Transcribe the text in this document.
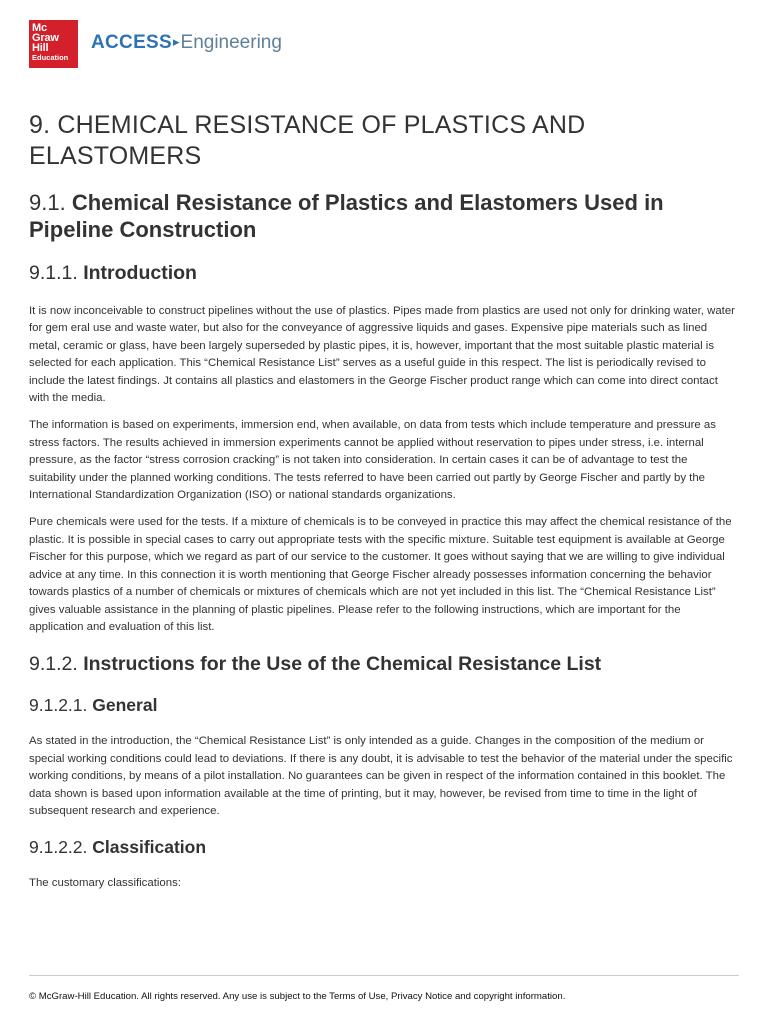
Mc
Graw
Hill
Education
ACCESS▸Engineering
9. CHEMICAL RESISTANCE OF PLASTICS AND ELASTOMERS
9.1. Chemical Resistance of Plastics and Elastomers Used in Pipeline Construction
9.1.1. Introduction

It is now inconceivable to construct pipelines without the use of plastics. Pipes made from plastics are used not only for drinking water, water for gem eral use and waste water, but also for the conveyance of aggressive liquids and gases. Expensive pipe materials such as lined metal, ceramic or glass, have been largely superseded by plastic pipes, it is, however, important that the most suitable plastic material is selected for each application. This “Chemical Resistance List” serves as a useful guide in this respect. The list is periodically revised to include the latest findings. Jt contains all plastics and elastomers in the George Fischer product range which can come into direct contact with the media.

The information is based on experiments, immersion end, when available, on data from tests which include temperature and pressure as stress factors. The results achieved in immersion experiments cannot be applied without reservation to pipes under stress, i.e. internal pressure, as the factor “stress corrosion cracking” is not taken into consideration. In certain cases it can be of advantage to test the suitability under the planned working conditions. The tests referred to have been carried out partly by George Fischer and partly by the International Standardization Organization (ISO) or national standards organizations.

Pure chemicals were used for the tests. If a mixture of chemicals is to be conveyed in practice this may affect the chemical resistance of the plastic. It is possible in special cases to carry out appropriate tests with the specific mixture. Suitable test equipment is available at George Fischer for this purpose, which we regard as part of our service to the customer. It goes without saying that we are willing to give individual advice at any time. In this connection it is worth mentioning that George Fischer already possesses information concerning the behavior towards plastics of a number of chemicals or mixtures of chemicals which are not yet included in this list. The “Chemical Resistance List” gives valuable assistance in the planning of plastic pipelines. Please refer to the following instructions, which are important for the application and evaluation of this list.

9.1.2. Instructions for the Use of the Chemical Resistance List
9.1.2.1. General

As stated in the introduction, the “Chemical Resistance List” is only intended as a guide. Changes in the composition of the medium or special working conditions could lead to deviations. If there is any doubt, it is advisable to test the behavior of the material under the specific working conditions, by means of a pilot installation. No guarantees can be given in respect of the information contained in this booklet. The data shown is based upon information available at the time of printing, but it may, however, be revised from time to time in the light of subsequent research and experience.

9.1.2.2. Classification

The customary classifications:

© McGraw-Hill Education. All rights reserved. Any use is subject to the Terms of Use, Privacy Notice and copyright information.
